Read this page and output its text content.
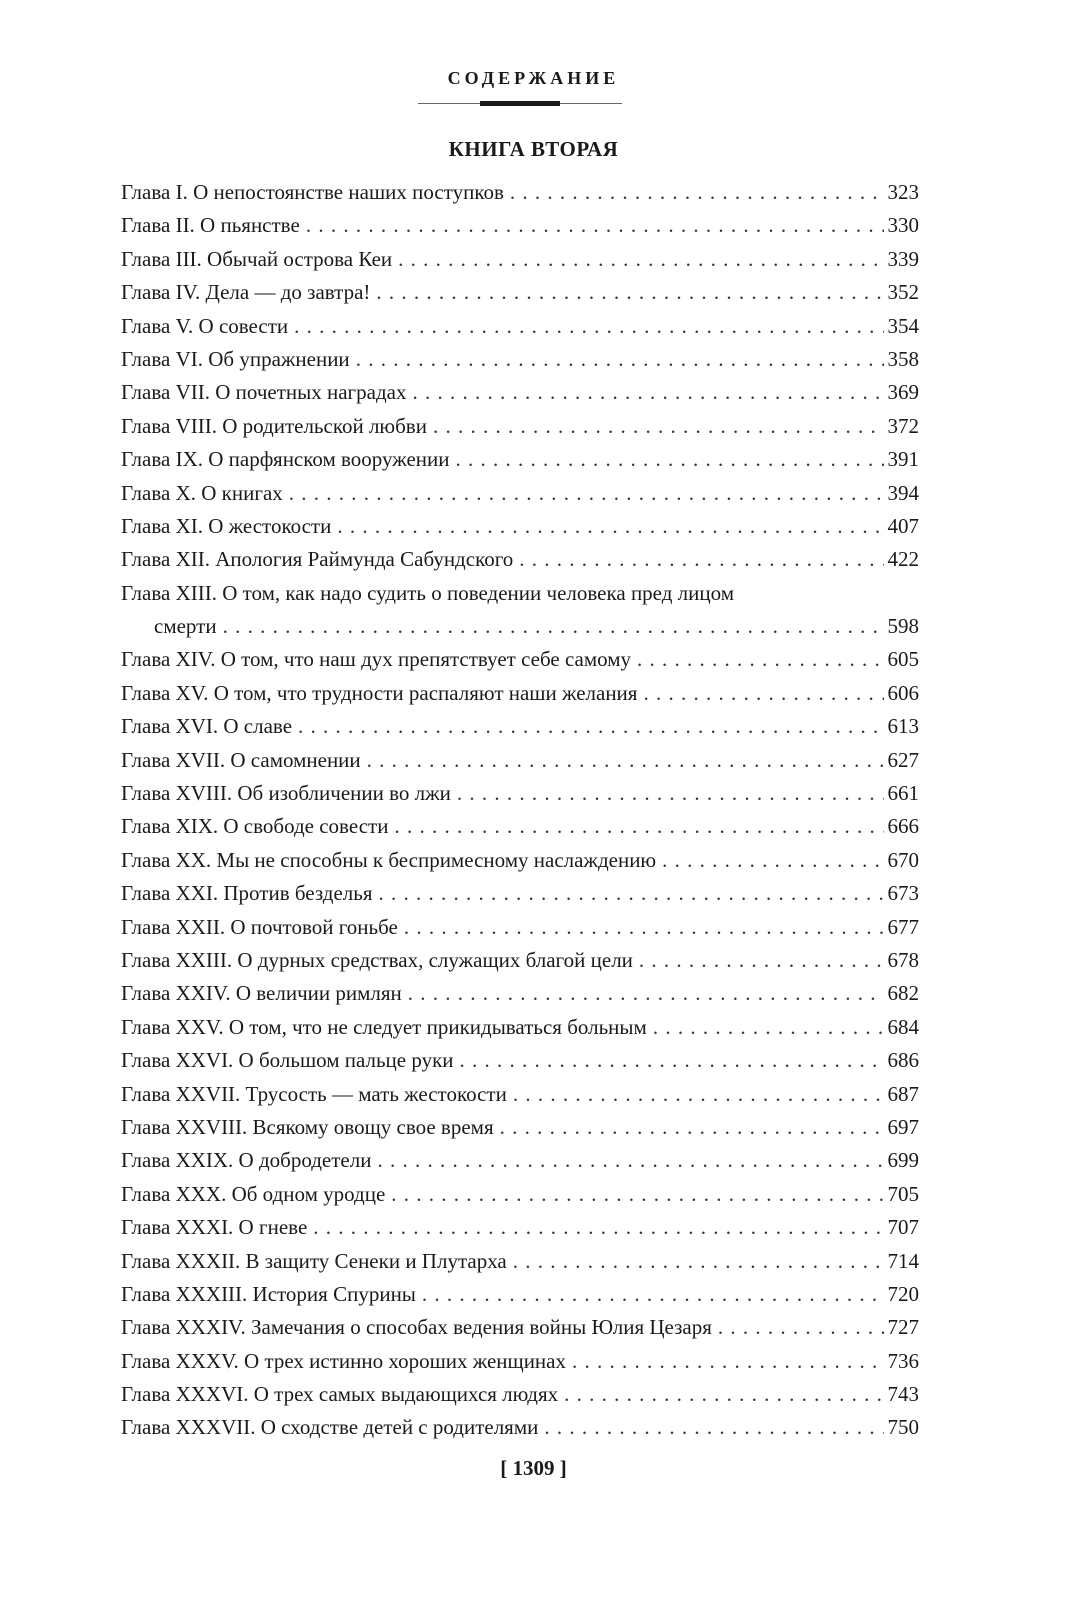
СОДЕРЖАНИЕ
КНИГА ВТОРАЯ
Глава I. О непостоянстве наших поступков . . .	323
Глава II. О пьянстве . . .	330
Глава III. Обычай острова Кеи . . .	339
Глава IV. Дела — до завтра! . . .	352
Глава V. О совести . . .	354
Глава VI. Об упражнении . . .	358
Глава VII. О почетных наградах . . .	369
Глава VIII. О родительской любви . . .	372
Глава IX. О парфянском вооружении . . .	391
Глава X. О книгах . . .	394
Глава XI. О жестокости . . .	407
Глава XII. Апология Раймунда Сабундского . . .	422
Глава XIII. О том, как надо судить о поведении человека пред лицом
смерти . . .	598
Глава XIV. О том, что наш дух препятствует себе самому . . .	605
Глава XV. О том, что трудности распаляют наши желания . . .	606
Глава XVI. О славе . . .	613
Глава XVII. О самомнении . . .	627
Глава XVIII. Об изобличении во лжи . . .	661
Глава XIX. О свободе совести . . .	666
Глава XX. Мы не способны к беспримесному наслаждению . . .	670
Глава XXI. Против безделья . . .	673
Глава XXII. О почтовой гоньбе . . .	677
Глава XXIII. О дурных средствах, служащих благой цели . . .	678
Глава XXIV. О величии римлян . . .	682
Глава XXV. О том, что не следует прикидываться больным . . .	684
Глава XXVI. О большом пальце руки . . .	686
Глава XXVII. Трусость — мать жестокости . . .	687
Глава XXVIII. Всякому овощу свое время . . .	697
Глава XXIX. О добродетели . . .	699
Глава XXX. Об одном уродце . . .	705
Глава XXXI. О гневе . . .	707
Глава XXXII. В защиту Сенеки и Плутарха . . .	714
Глава XXXIII. История Спурины . . .	720
Глава XXXIV. Замечания о способах ведения войны Юлия Цезаря . . .	727
Глава XXXV. О трех истинно хороших женщинах . . .	736
Глава XXXVI. О трех самых выдающихся людях . . .	743
Глава XXXVII. О сходстве детей с родителями . . .	750
[ 1309 ]
